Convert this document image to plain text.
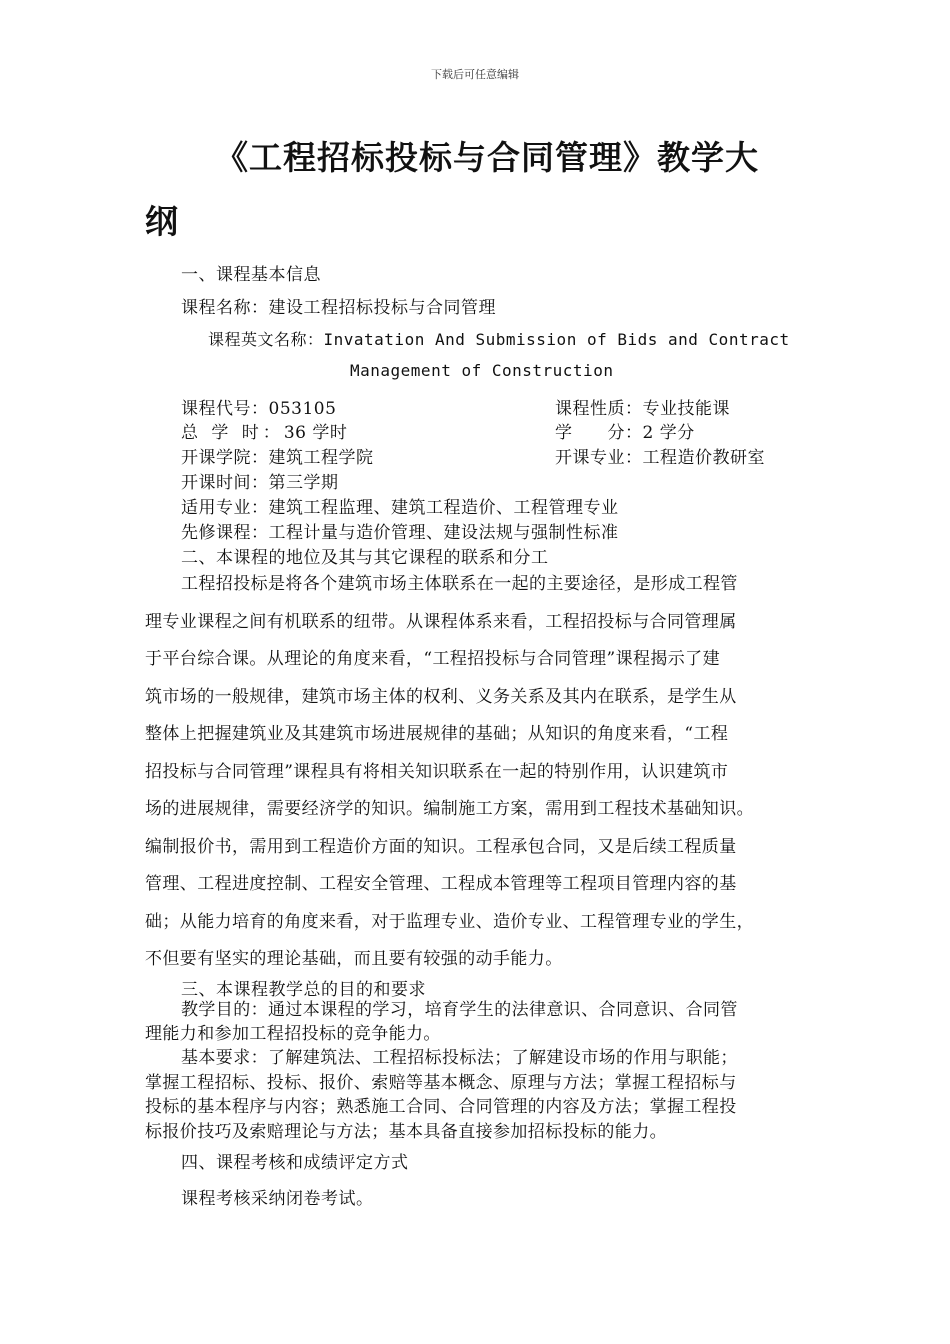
下载后可任意编辑
《工程招标投标与合同管理》教学大
纲
一、课程基本信息
课程名称：建设工程招标投标与合同管理
课程英文名称：Invatation And Submission of Bids and Contract
Management of Construction
课程代号：053105	课程性质：专业技能课
总 学 时：36 学时	学　　分：2 学分
开课学院：建筑工程学院	开课专业：工程造价教研室
开课时间：第三学期
适用专业：建筑工程监理、建筑工程造价、工程管理专业
先修课程：工程计量与造价管理、建设法规与强制性标准
二、本课程的地位及其与其它课程的联系和分工
工程招投标是将各个建筑市场主体联系在一起的主要途径，是形成工程管
理专业课程之间有机联系的纽带。从课程体系来看，工程招投标与合同管理属
于平台综合课。从理论的角度来看，“工程招投标与合同管理”课程揭示了建
筑市场的一般规律，建筑市场主体的权利、义务关系及其内在联系，是学生从
整体上把握建筑业及其建筑市场进展规律的基础；从知识的角度来看，“工程
招投标与合同管理”课程具有将相关知识联系在一起的特别作用，认识建筑市
场的进展规律，需要经济学的知识。编制施工方案，需用到工程技术基础知识。
编制报价书，需用到工程造价方面的知识。工程承包合同，又是后续工程质量
管理、工程进度控制、工程安全管理、工程成本管理等工程项目管理内容的基
础；从能力培育的角度来看，对于监理专业、造价专业、工程管理专业的学生，
不但要有坚实的理论基础，而且要有较强的动手能力。
三、本课程教学总的目的和要求
教学目的：通过本课程的学习，培育学生的法律意识、合同意识、合同管
理能力和参加工程招投标的竞争能力。
基本要求：了解建筑法、工程招标投标法；了解建设市场的作用与职能；
掌握工程招标、投标、报价、索赔等基本概念、原理与方法；掌握工程招标与
投标的基本程序与内容；熟悉施工合同、合同管理的内容及方法；掌握工程投
标报价技巧及索赔理论与方法；基本具备直接参加招标投标的能力。
四、课程考核和成绩评定方式
课程考核采纳闭卷考试。
